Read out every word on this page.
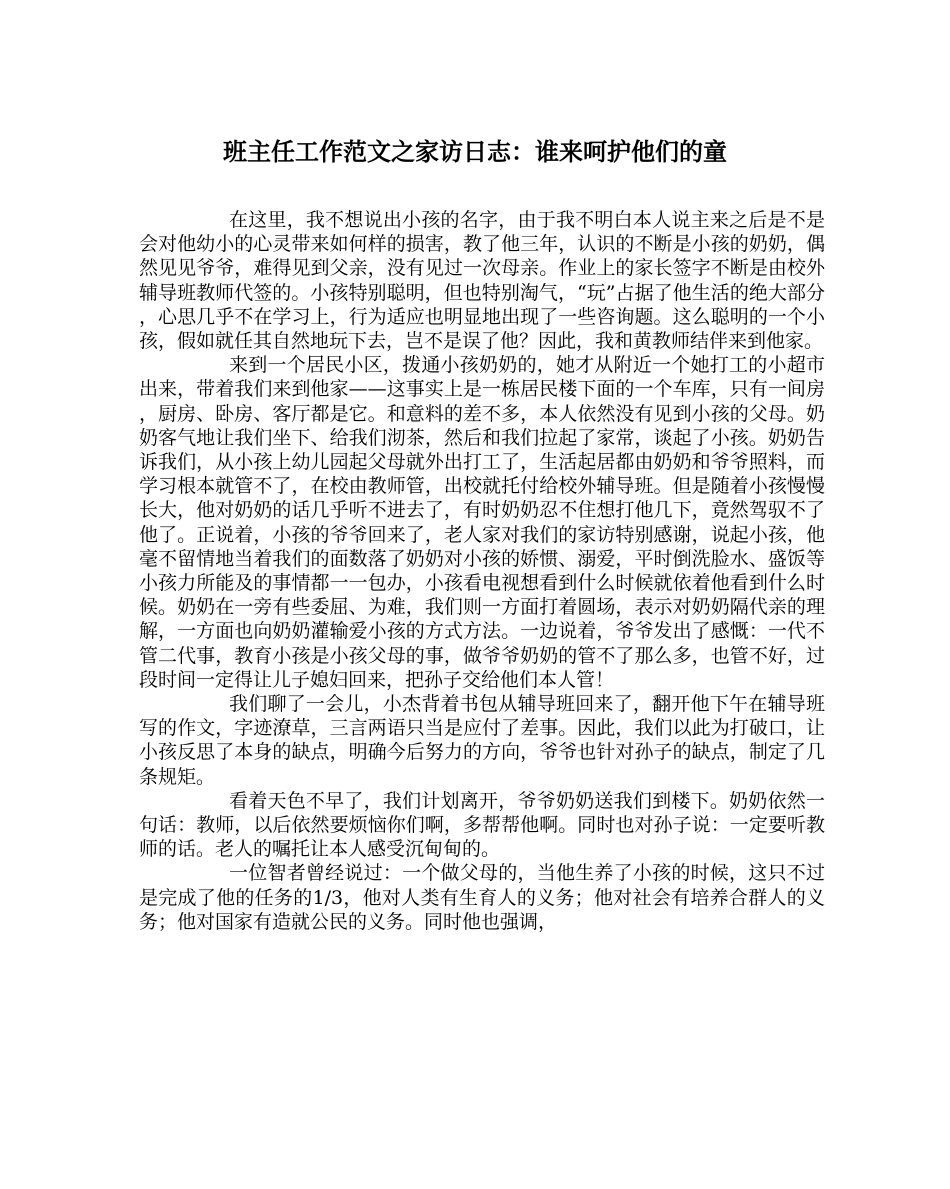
班主任工作范文之家访日志：谁来呵护他们的童

在这里，我不想说出小孩的名字，由于我不明白本人说主来之后是不是会对他幼小的心灵带来如何样的损害，教了他三年，认识的不断是小孩的奶奶，偶然见见爷爷，难得见到父亲，没有见过一次母亲。作业上的家长签字不断是由校外辅导班教师代签的。小孩特别聪明，但也特别淘气，“玩”占据了他生活的绝大部分，心思几乎不在学习上，行为适应也明显地出现了一些咨询题。这么聪明的一个小孩，假如就任其自然地玩下去，岂不是误了他？因此，我和黄教师结伴来到他家。

来到一个居民小区，拨通小孩奶奶的，她才从附近一个她打工的小超市出来，带着我们来到他家——这事实上是一栋居民楼下面的一个车库，只有一间房，厨房、卧房、客厅都是它。和意料的差不多，本人依然没有见到小孩的父母。奶奶客气地让我们坐下、给我们沏茶，然后和我们拉起了家常，谈起了小孩。奶奶告诉我们，从小孩上幼儿园起父母就外出打工了，生活起居都由奶奶和爷爷照料，而学习根本就管不了，在校由教师管，出校就托付给校外辅导班。但是随着小孩慢慢长大，他对奶奶的话几乎听不进去了，有时奶奶忍不住想打他几下，竟然驾驭不了他了。正说着，小孩的爷爷回来了，老人家对我们的家访特别感谢，说起小孩，他毫不留情地当着我们的面数落了奶奶对小孩的娇惯、溺爱，平时倒洗脸水、盛饭等小孩力所能及的事情都一一包办，小孩看电视想看到什么时候就依着他看到什么时候。奶奶在一旁有些委屈、为难，我们则一方面打着圆场，表示对奶奶隔代亲的理解，一方面也向奶奶灌输爱小孩的方式方法。一边说着，爷爷发出了感慨：一代不管二代事，教育小孩是小孩父母的事，做爷爷奶奶的管不了那么多，也管不好，过段时间一定得让儿子媳妇回来，把孙子交给他们本人管！

我们聊了一会儿，小杰背着书包从辅导班回来了，翻开他下午在辅导班写的作文，字迹潦草，三言两语只当是应付了差事。因此，我们以此为打破口，让小孩反思了本身的缺点，明确今后努力的方向，爷爷也针对孙子的缺点，制定了几条规矩。

看着天色不早了，我们计划离开，爷爷奶奶送我们到楼下。奶奶依然一句话：教师，以后依然要烦恼你们啊，多帮帮他啊。同时也对孙子说：一定要听教师的话。老人的嘱托让本人感受沉甸甸的。

一位智者曾经说过：一个做父母的，当他生养了小孩的时候，这只不过是完成了他的任务的1/3，他对人类有生育人的义务；他对社会有培养合群人的义务；他对国家有造就公民的义务。同时他也强调，
